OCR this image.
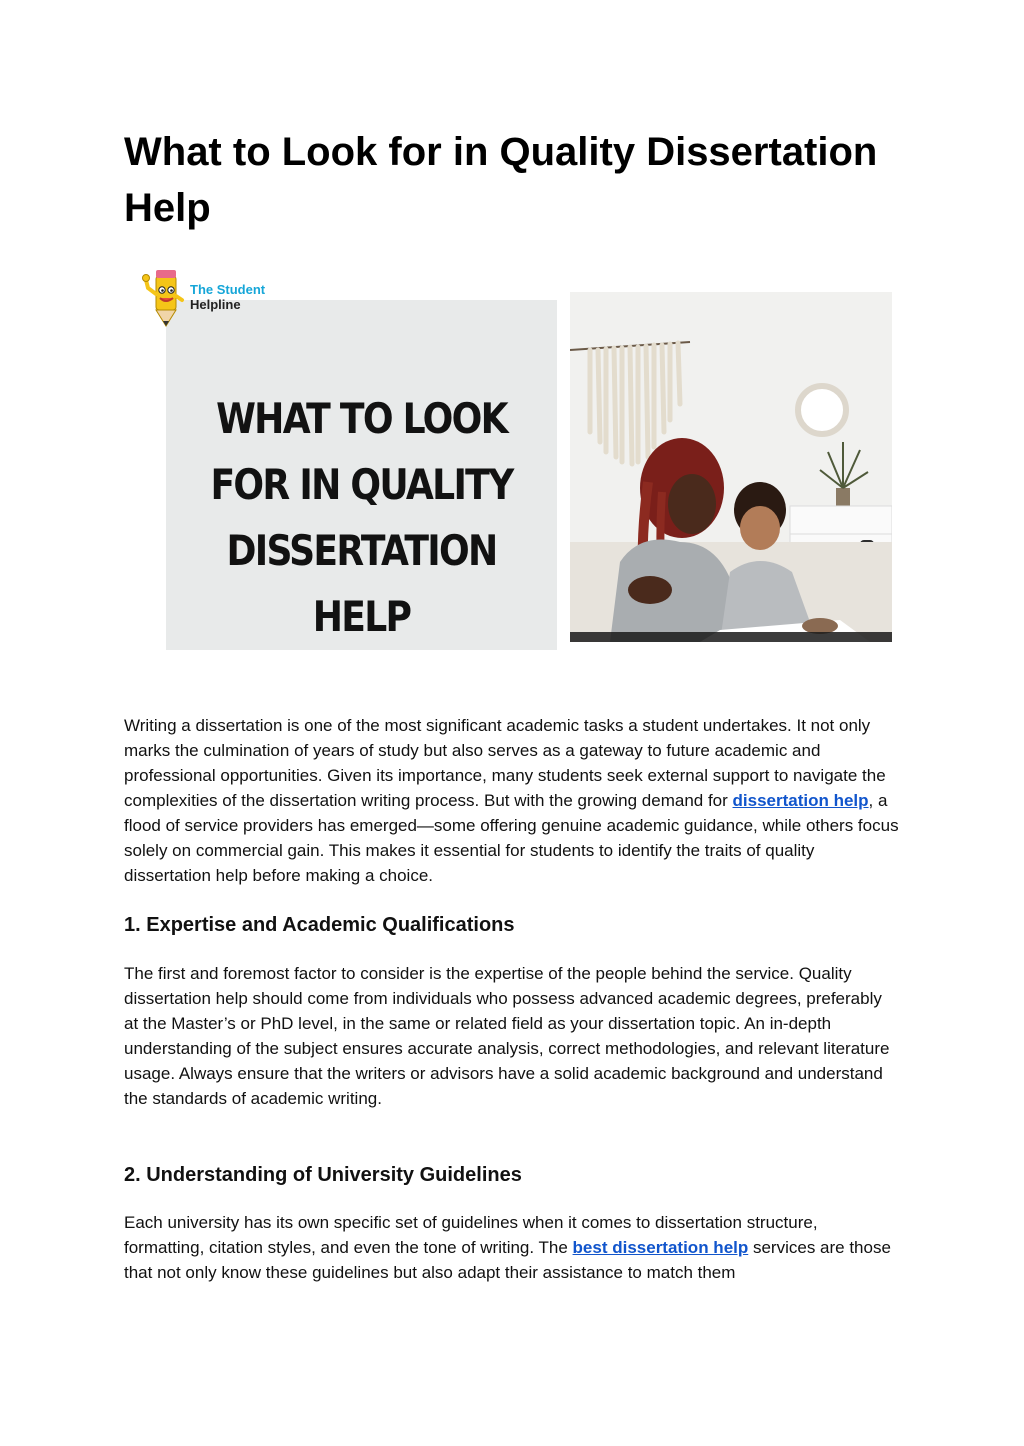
What to Look for in Quality Dissertation Help
WHAT TO LOOK
FOR IN QUALITY
DISSERTATION
HELP
The Student
Helpline

Writing a dissertation is one of the most significant academic tasks a student undertakes. It not only marks the culmination of years of study but also serves as a gateway to future academic and professional opportunities. Given its importance, many students seek external support to navigate the complexities of the dissertation writing process. But with the growing demand for dissertation help, a flood of service providers has emerged—some offering genuine academic guidance, while others focus solely on commercial gain. This makes it essential for students to identify the traits of quality dissertation help before making a choice.

1. Expertise and Academic Qualifications

The first and foremost factor to consider is the expertise of the people behind the service. Quality dissertation help should come from individuals who possess advanced academic degrees, preferably at the Master’s or PhD level, in the same or related field as your dissertation topic. An in-depth understanding of the subject ensures accurate analysis, correct methodologies, and relevant literature usage. Always ensure that the writers or advisors have a solid academic background and understand the standards of academic writing.

2. Understanding of University Guidelines

Each university has its own specific set of guidelines when it comes to dissertation structure, formatting, citation styles, and even the tone of writing. The best dissertation help services are those that not only know these guidelines but also adapt their assistance to match them
